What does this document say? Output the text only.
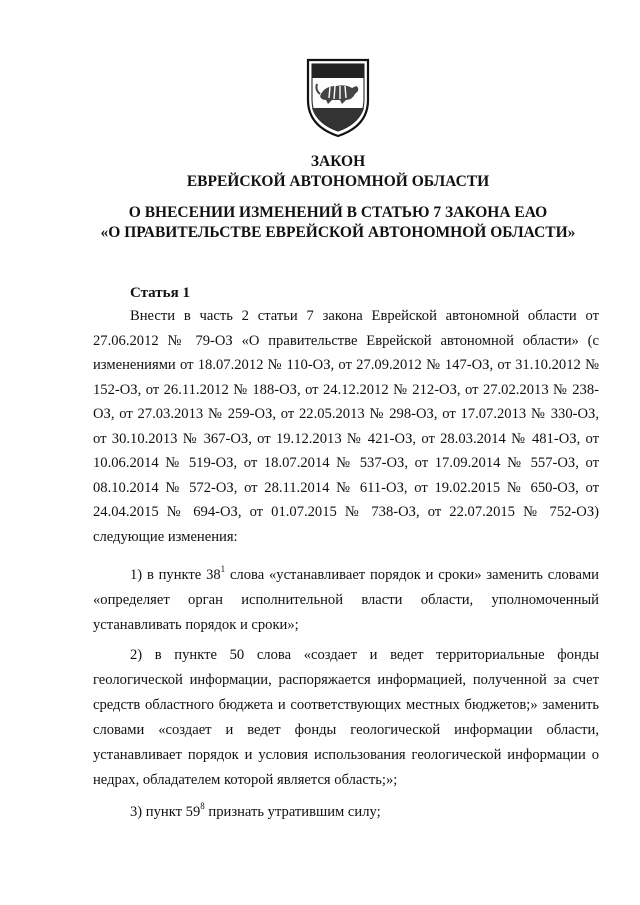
ЗАКОН
ЕВРЕЙСКОЙ АВТОНОМНОЙ ОБЛАСТИ
О ВНЕСЕНИИ ИЗМЕНЕНИЙ В СТАТЬЮ 7 ЗАКОНА ЕАО
«О ПРАВИТЕЛЬСТВЕ ЕВРЕЙСКОЙ АВТОНОМНОЙ ОБЛАСТИ»
Статья 1
Внести в часть 2 статьи 7 закона Еврейской автономной области от 27.06.2012 № 79-ОЗ «О правительстве Еврейской автономной области» (с изменениями от 18.07.2012 № 110-ОЗ, от 27.09.2012 № 147-ОЗ, от 31.10.2012 № 152-ОЗ, от 26.11.2012 № 188-ОЗ, от 24.12.2012 № 212-ОЗ, от 27.02.2013 № 238-ОЗ, от 27.03.2013 № 259-ОЗ, от 22.05.2013 № 298-ОЗ, от 17.07.2013 № 330-ОЗ, от 30.10.2013 № 367-ОЗ, от 19.12.2013 № 421-ОЗ, от 28.03.2014 № 481-ОЗ, от 10.06.2014 № 519-ОЗ, от 18.07.2014 № 537-ОЗ, от 17.09.2014 № 557-ОЗ, от 08.10.2014 № 572-ОЗ, от 28.11.2014 № 611-ОЗ, от 19.02.2015 № 650-ОЗ, от 24.04.2015 № 694-ОЗ, от 01.07.2015 № 738-ОЗ, от 22.07.2015 № 752-ОЗ) следующие изменения:
1) в пункте $38^1$ слова «устанавливает порядок и сроки» заменить словами «определяет орган исполнительной власти области, уполномоченный устанавливать порядок и сроки»;
2) в пункте 50 слова «создает и ведет территориальные фонды геологической информации, распоряжается информацией, полученной за счет средств областного бюджета и соответствующих местных бюджетов;» заменить словами «создает и ведет фонды геологической информации области, устанавливает порядок и условия использования геологической информации о недрах, обладателем которой является область;»;
3) пункт $59^8$ признать утратившим силу;
